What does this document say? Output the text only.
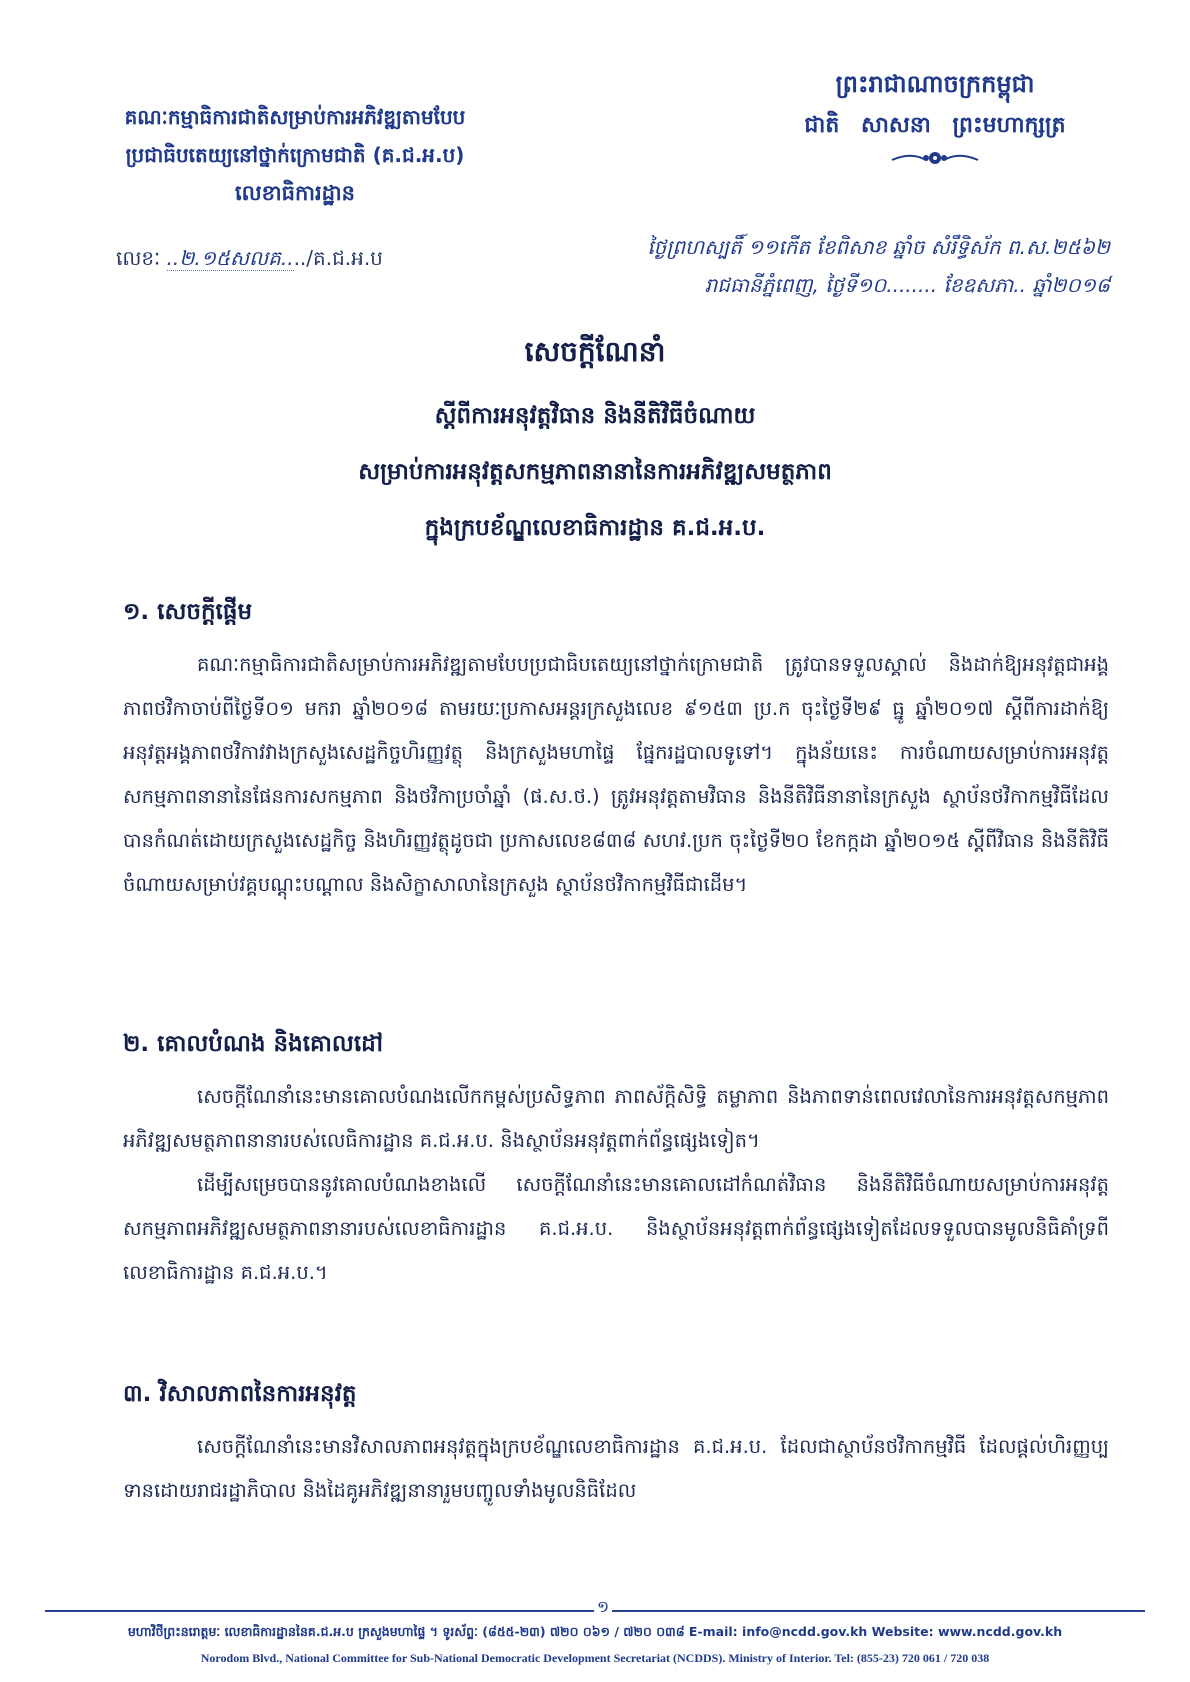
គណៈកម្មាធិការជាតិសម្រាប់ការអភិវឌ្ឍតាមបែប
ប្រជាធិបតេយ្យនៅថ្នាក់ក្រោមជាតិ (គ.ជ.អ.ប)
លេខាធិការដ្ឋាន
ព្រះរាជាណាចក្រកម្ពុជា
ជាតិ សាសនា ព្រះមហាក្សត្រ
លេខៈ ..២.១៥សលគ..../គ.ជ.អ.ប	ថ្ងៃព្រហស្បតិ៍ ១១កើត ខែពិសាខ ឆ្នាំច សំរឹទ្ធិស័ក ព.ស.២៥៦២
រាជធានីភ្នំពេញ, ថ្ងៃទី១០........ ខែឧសភា.. ឆ្នាំ២០១៨
សេចក្តីណែនាំ
ស្តីពីការអនុវត្តវិធាន និងនីតិវិធីចំណាយ
សម្រាប់ការអនុវត្តសកម្មភាពនានានៃការអភិវឌ្ឍសមត្ថភាព
ក្នុងក្របខ័ណ្ឌលេខាធិការដ្ឋាន គ.ជ.អ.ប.
១. សេចក្តីផ្តើម

គណៈកម្មាធិការជាតិសម្រាប់ការអភិវឌ្ឍតាមបែបប្រជាធិបតេយ្យនៅថ្នាក់ក្រោមជាតិ ត្រូវបានទទួលស្គាល់ និងដាក់ឱ្យអនុវត្តជាអង្គភាពថវិកាចាប់ពីថ្ងៃទី០១ មករា ឆ្នាំ២០១៨ តាមរយៈប្រកាសអន្តរក្រសួងលេខ ៩១៥៣ ប្រ.ក ចុះថ្ងៃទី២៩ ធ្នូ ឆ្នាំ២០១៧ ស្តីពីការដាក់ឱ្យអនុវត្តអង្គភាពថវិកាវវាងក្រសួងសេដ្ឋកិច្ចហិរញ្ញវត្ថុ និងក្រសួងមហាផ្ទៃ ផ្នែករដ្ឋបាលទូទៅ។ ក្នុងន័យនេះ ការចំណាយសម្រាប់ការអនុវត្តសកម្មភាពនានានៃផែនការសកម្មភាព និងថវិកាប្រចាំឆ្នាំ (ផ.ស.ថ.) ត្រូវអនុវត្តតាមវិធាន និងនីតិវិធីនានានៃក្រសួង ស្ថាប័នថវិកាកម្មវិធីដែលបានកំណត់ដោយក្រសួងសេដ្ឋកិច្ច និងហិរញ្ញវត្ថុដូចជា ប្រកាសលេខ៨៣៨ សហវ.ប្រក ចុះថ្ងៃទី២០ ខែកក្កដា ឆ្នាំ២០១៥ ស្តីពីវិធាន និងនីតិវិធីចំណាយសម្រាប់វគ្គបណ្តុះបណ្តាល និងសិក្ខាសាលានៃក្រសួង ស្ថាប័នថវិកាកម្មវិធីជាដើម។

២. គោលបំណង និងគោលដៅ

សេចក្តីណែនាំនេះមានគោលបំណងលើកកម្ពស់ប្រសិទ្ធភាព ភាពស័ក្តិសិទ្ធិ តម្លាភាព និងភាពទាន់ពេលវេលានៃការអនុវត្តសកម្មភាពអភិវឌ្ឍសមត្ថភាពនានារបស់លេធិការដ្ឋាន គ.ជ.អ.ប. និងស្ថាប័នអនុវត្តពាក់ព័ន្ធផ្សេងទៀត។

ដើម្បីសម្រេចបាននូវគោលបំណងខាងលើ សេចក្តីណែនាំនេះមានគោលដៅកំណត់វិធាន និងនីតិវិធីចំណាយសម្រាប់ការអនុវត្តសកម្មភាពអភិវឌ្ឍសមត្ថភាពនានារបស់លេខាធិការដ្ឋាន គ.ជ.អ.ប. និងស្ថាប័នអនុវត្តពាក់ព័ន្ធផ្សេងទៀតដែលទទួលបានមូលនិធិគាំទ្រពីលេខាធិការដ្ឋាន គ.ជ.អ.ប.។

៣. វិសាលភាពនៃការអនុវត្ត

សេចក្តីណែនាំនេះមានវិសាលភាពអនុវត្តក្នុងក្របខ័ណ្ឌលេខាធិការដ្ឋាន គ.ជ.អ.ប. ដែលជាស្ថាប័នថវិកាកម្មវិធី ដែលផ្តល់ហិរញ្ញប្បទានដោយរាជរដ្ឋាភិបាល និងដៃគូអភិវឌ្ឍនានារួមបញ្ចូលទាំងមូលនិធិដែល

១
មហាវិថីព្រះនរោត្តមៈ លេខាធិការដ្ឋាននៃគ.ជ.អ.ប ក្រសួងមហាផ្ទៃ ។ ទូរស័ព្ទៈ (៨៥៥-២៣) ៧២០ ០៦១ / ៧២០ ០៣៨ E-mail: info@ncdd.gov.kh Website: www.ncdd.gov.kh
Norodom Blvd., National Committee for Sub-National Democratic Development Secretariat (NCDDS). Ministry of Interior. Tel: (855-23) 720 061 / 720 038
